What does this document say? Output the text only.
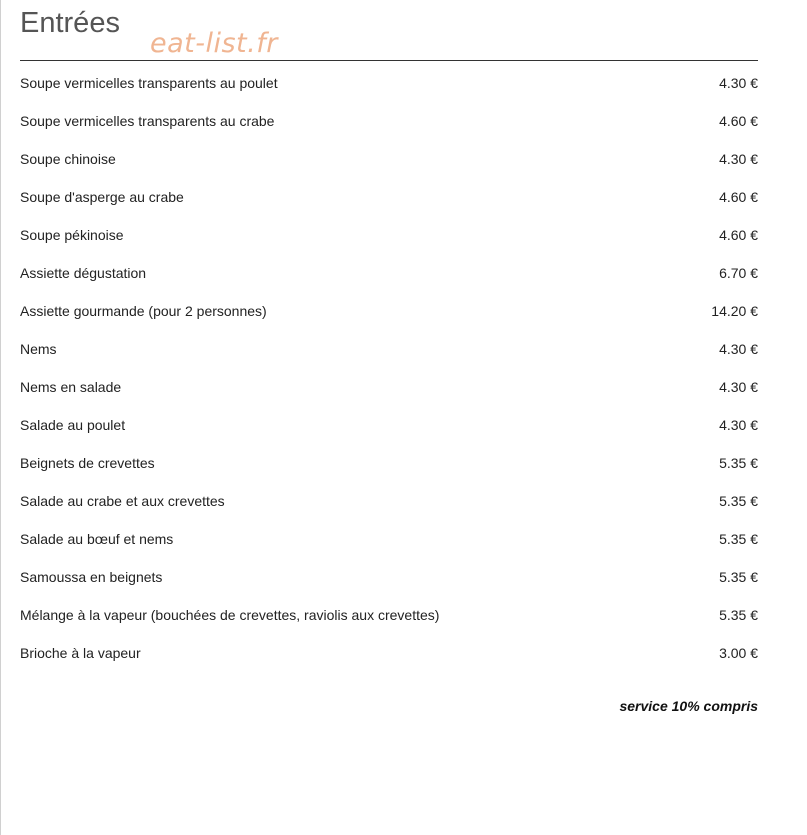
Entrées
eat-list.fr
Soupe vermicelles transparents au poulet	4.30 €
Soupe vermicelles transparents au crabe	4.60 €
Soupe chinoise	4.30 €
Soupe d'asperge au crabe	4.60 €
Soupe pékinoise	4.60 €
Assiette dégustation	6.70 €
Assiette gourmande (pour 2 personnes)	14.20 €
Nems	4.30 €
Nems en salade	4.30 €
Salade au poulet	4.30 €
Beignets de crevettes	5.35 €
Salade au crabe et aux crevettes	5.35 €
Salade au bœuf et nems	5.35 €
Samoussa en beignets	5.35 €
Mélange à la vapeur (bouchées de crevettes, raviolis aux crevettes)	5.35 €
Brioche à la vapeur	3.00 €
service 10% compris
